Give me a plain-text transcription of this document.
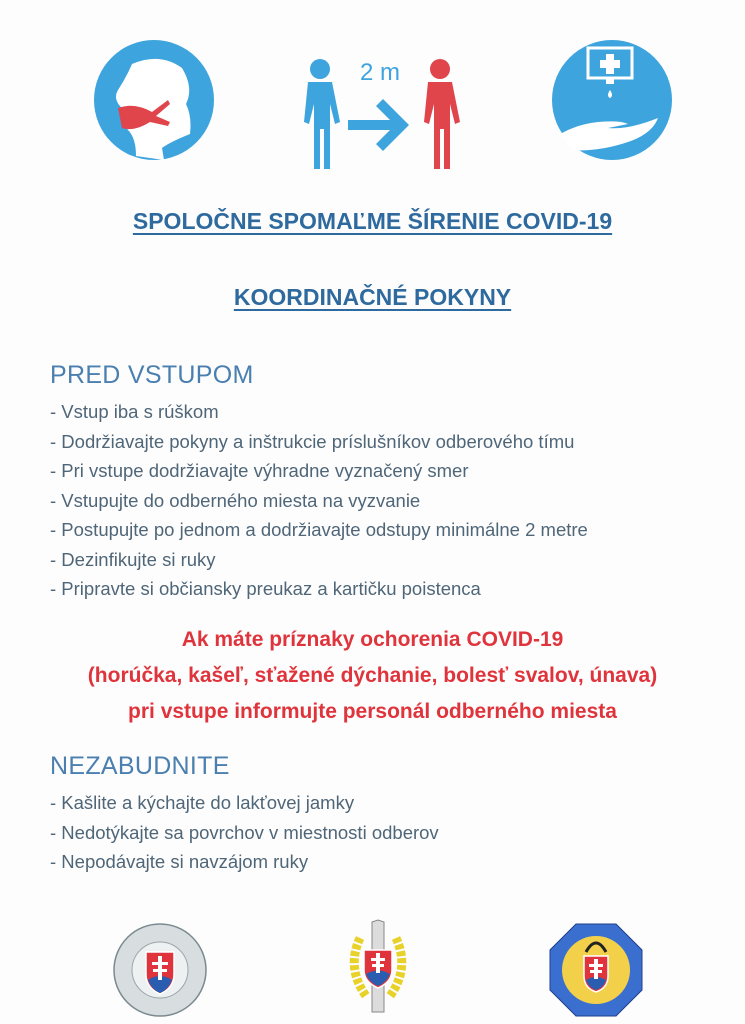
2 m
SPOLOČNE SPOMAĽME ŠÍRENIE COVID-19
KOORDINAČNÉ POKYNY
PRED VSTUPOM
- Vstup iba s rúškom
- Dodržiavajte pokyny a inštrukcie príslušníkov odberového tímu
- Pri vstupe dodržiavajte výhradne vyznačený smer
- Vstupujte do odberného miesta na vyzvanie
- Postupujte po jednom a dodržiavajte odstupy minimálne 2 metre
- Dezinfikujte si ruky
- Pripravte si občiansky preukaz a kartičku poistenca
Ak máte príznaky ochorenia COVID-19
(horúčka, kašeľ, sťažené dýchanie, bolesť svalov, únava)
pri vstupe informujte personál odberného miesta
NEZABUDNITE
- Kašlite a kýchajte do lakťovej jamky
- Nedotýkajte sa povrchov v miestnosti odberov
- Nepodávajte si navzájom ruky
